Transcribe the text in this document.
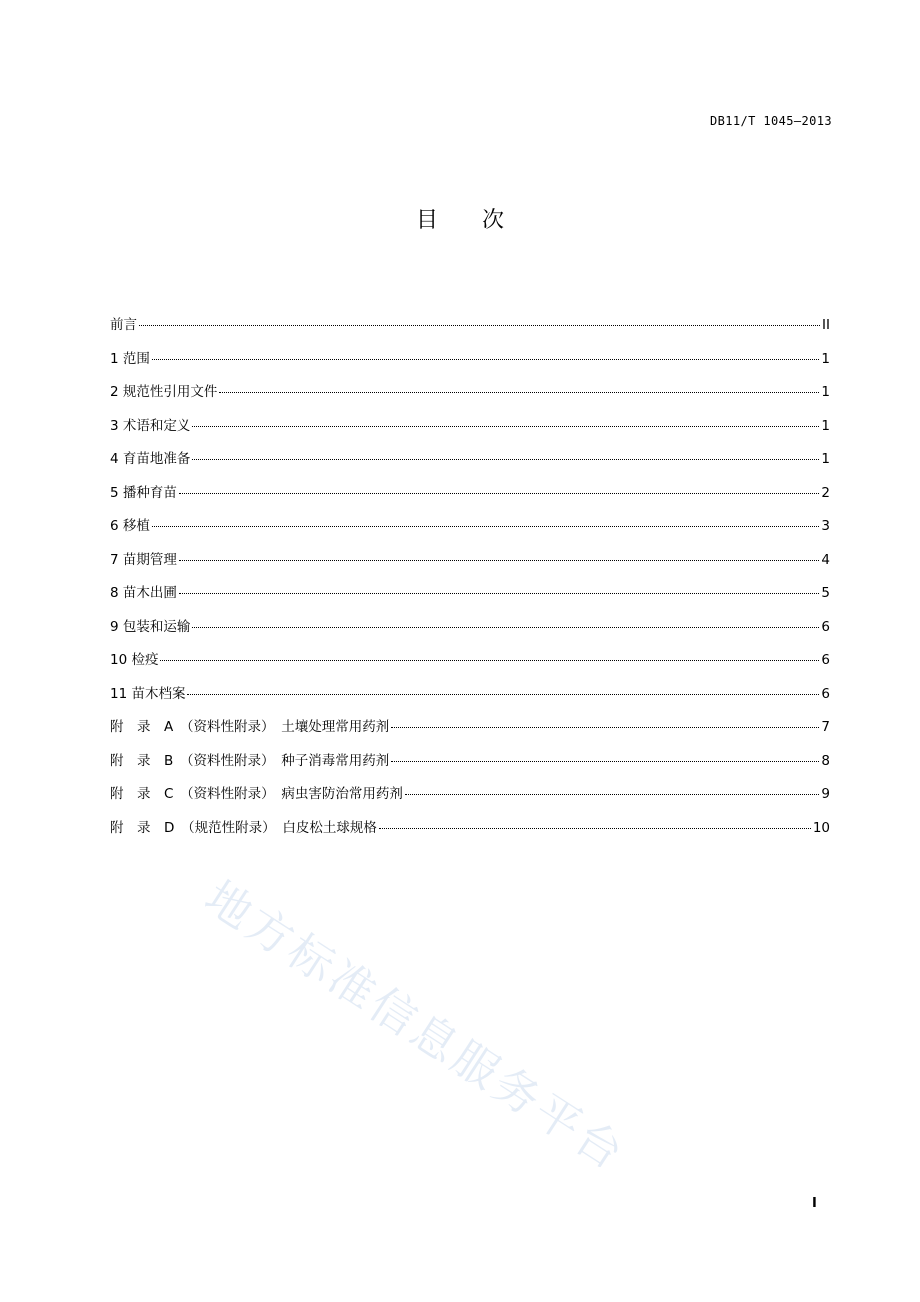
DB11/T 1045—2013
目次
前言	II
1 范围	1
2 规范性引用文件	1
3 术语和定义	1
4 育苗地准备	1
5 播种育苗	2
6 移植	3
7 苗期管理	4
8 苗木出圃	5
9 包装和运输	6
10 检疫	6
11 苗木档案	6
附　录　A　（资料性附录）　土壤处理常用药剂	7
附　录　B　（资料性附录）　种子消毒常用药剂	8
附　录　C　（资料性附录）　病虫害防治常用药剂	9
附　录　D　（规范性附录）　白皮松土球规格	10
地方标准信息服务平台
I
